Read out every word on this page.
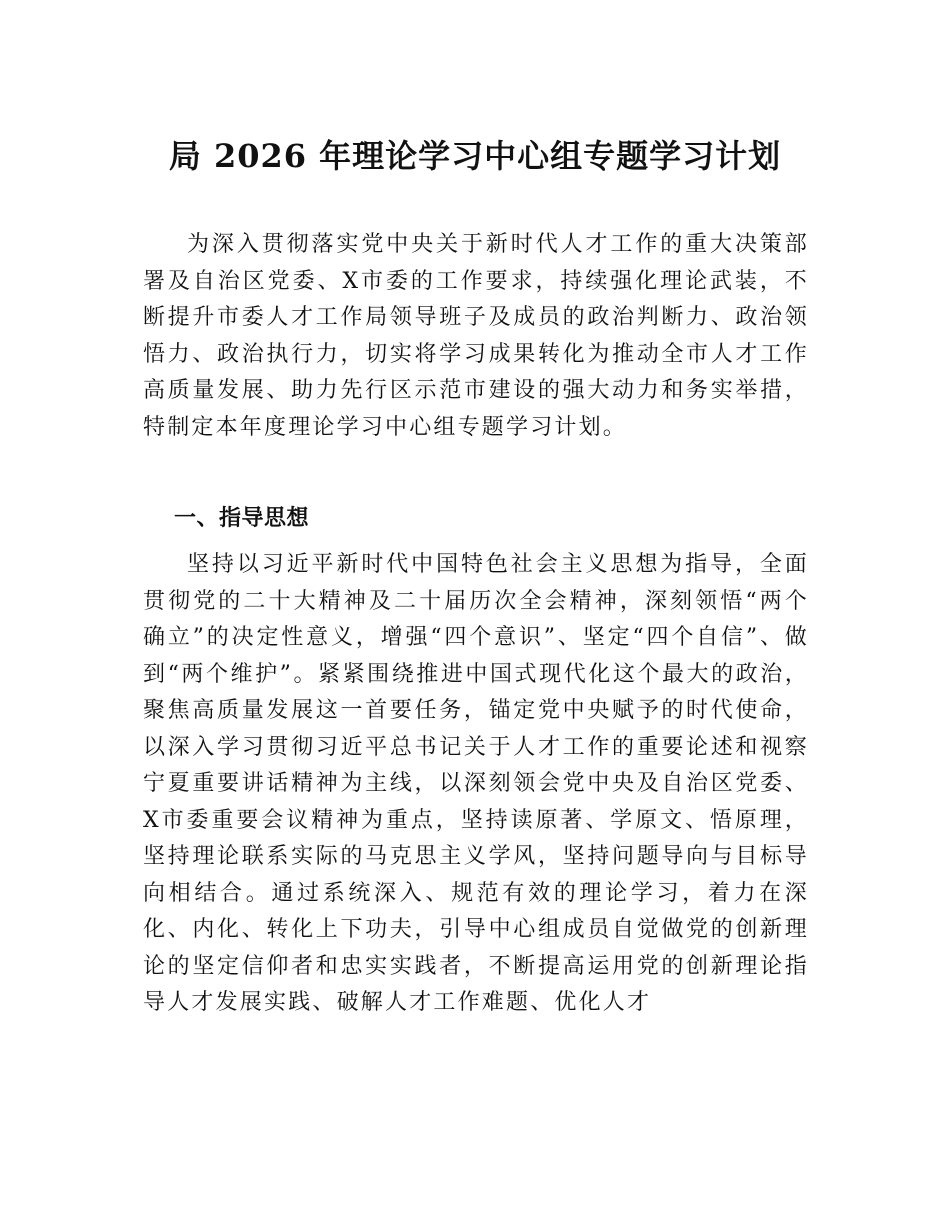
局 2026 年理论学习中心组专题学习计划

为深入贯彻落实党中央关于新时代人才工作的重大决策部署及自治区党委、X市委的工作要求，持续强化理论武装，不断提升市委人才工作局领导班子及成员的政治判断力、政治领悟力、政治执行力，切实将学习成果转化为推动全市人才工作高质量发展、助力先行区示范市建设的强大动力和务实举措，特制定本年度理论学习中心组专题学习计划。

一、指导思想

坚持以习近平新时代中国特色社会主义思想为指导，全面贯彻党的二十大精神及二十届历次全会精神，深刻领悟“两个确立”的决定性意义，增强“四个意识”、坚定“四个自信”、做到“两个维护”。紧紧围绕推进中国式现代化这个最大的政治，聚焦高质量发展这一首要任务，锚定党中央赋予的时代使命，以深入学习贯彻习近平总书记关于人才工作的重要论述和视察宁夏重要讲话精神为主线，以深刻领会党中央及自治区党委、X市委重要会议精神为重点，坚持读原著、学原文、悟原理，坚持理论联系实际的马克思主义学风，坚持问题导向与目标导向相结合。通过系统深入、规范有效的理论学习，着力在深化、内化、转化上下功夫，引导中心组成员自觉做党的创新理论的坚定信仰者和忠实实践者，不断提高运用党的创新理论指导人才发展实践、破解人才工作难题、优化人才
